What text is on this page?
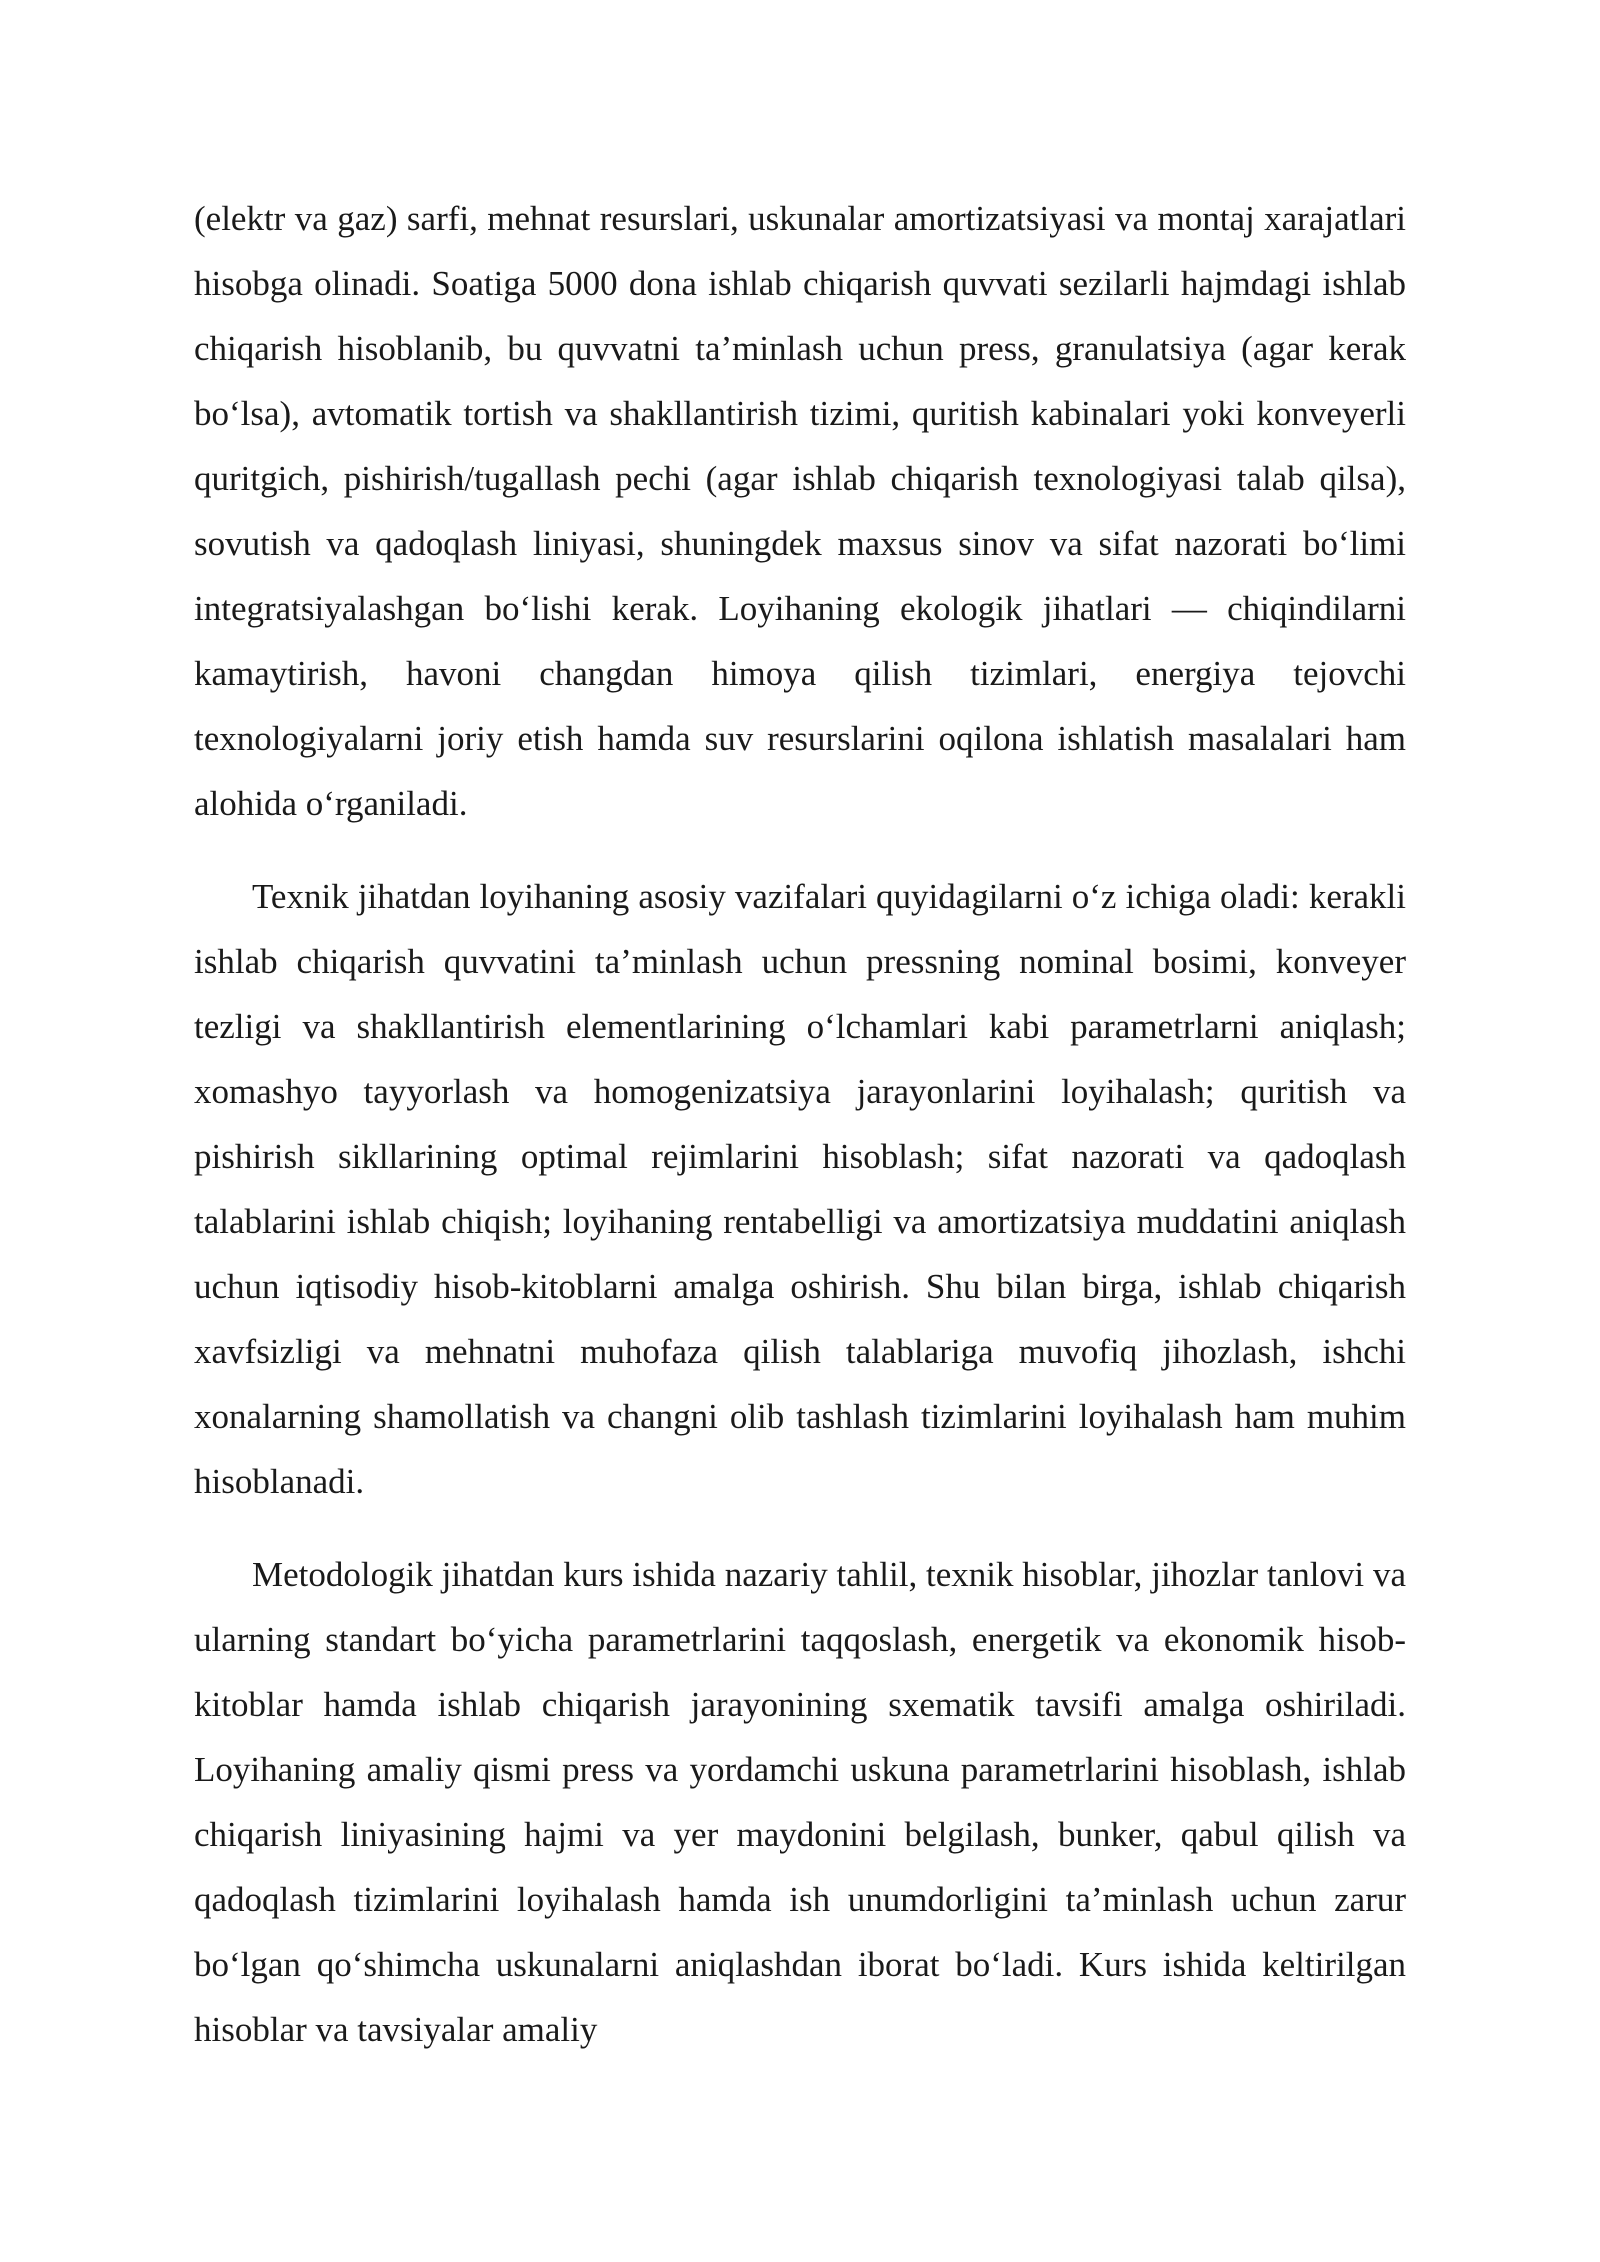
(elektr va gaz) sarfi, mehnat resurslari, uskunalar amortizatsiyasi va montaj xarajatlari hisobga olinadi. Soatiga 5000 dona ishlab chiqarish quvvati sezilarli hajmdagi ishlab chiqarish hisoblanib, bu quvvatni ta’minlash uchun press, granulatsiya (agar kerak bo‘lsa), avtomatik tortish va shakllantirish tizimi, quritish kabinalari yoki konveyerli quritgich, pishirish/tugallash pechi (agar ishlab chiqarish texnologiyasi talab qilsa), sovutish va qadoqlash liniyasi, shuningdek maxsus sinov va sifat nazorati bo‘limi integratsiyalashgan bo‘lishi kerak. Loyihaning ekologik jihatlari — chiqindilarni kamaytirish, havoni changdan himoya qilish tizimlari, energiya tejovchi texnologiyalarni joriy etish hamda suv resurslarini oqilona ishlatish masalalari ham alohida o‘rganiladi.

Texnik jihatdan loyihaning asosiy vazifalari quyidagilarni o‘z ichiga oladi: kerakli ishlab chiqarish quvvatini ta’minlash uchun pressning nominal bosimi, konveyer tezligi va shakllantirish elementlarining o‘lchamlari kabi parametrlarni aniqlash; xomashyo tayyorlash va homogenizatsiya jarayonlarini loyihalash; quritish va pishirish sikllarining optimal rejimlarini hisoblash; sifat nazorati va qadoqlash talablarini ishlab chiqish; loyihaning rentabelligi va amortizatsiya muddatini aniqlash uchun iqtisodiy hisob-kitoblarni amalga oshirish. Shu bilan birga, ishlab chiqarish xavfsizligi va mehnatni muhofaza qilish talablariga muvofiq jihozlash, ishchi xonalarning shamollatish va changni olib tashlash tizimlarini loyihalash ham muhim hisoblanadi.

Metodologik jihatdan kurs ishida nazariy tahlil, texnik hisoblar, jihozlar tanlovi va ularning standart bo‘yicha parametrlarini taqqoslash, energetik va ekonomik hisob-kitoblar hamda ishlab chiqarish jarayonining sxematik tavsifi amalga oshiriladi. Loyihaning amaliy qismi press va yordamchi uskuna parametrlarini hisoblash, ishlab chiqarish liniyasining hajmi va yer maydonini belgilash, bunker, qabul qilish va qadoqlash tizimlarini loyihalash hamda ish unumdorligini ta’minlash uchun zarur bo‘lgan qo‘shimcha uskunalarni aniqlashdan iborat bo‘ladi. Kurs ishida keltirilgan hisoblar va tavsiyalar amaliy
